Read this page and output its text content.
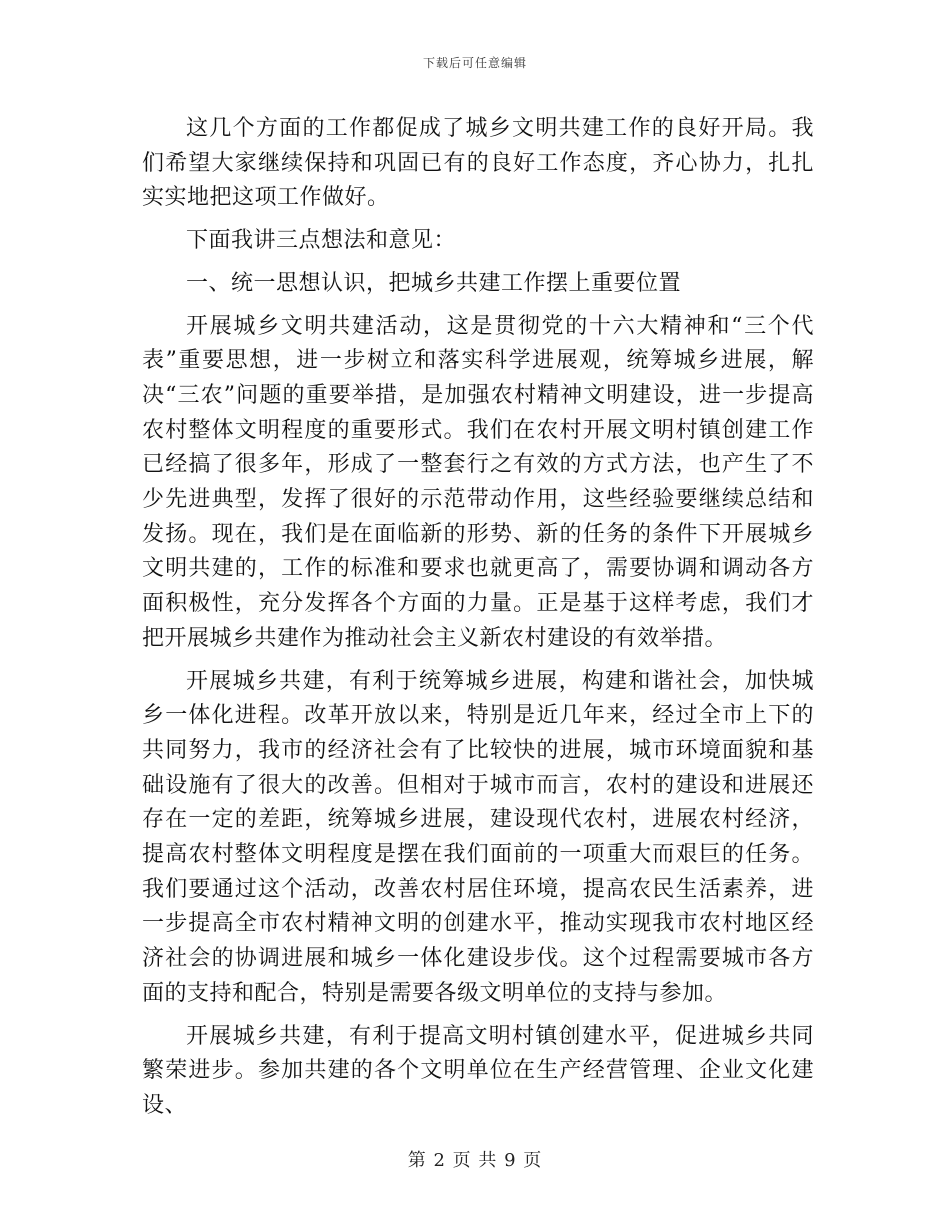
下载后可任意编辑

这几个方面的工作都促成了城乡文明共建工作的良好开局。我们希望大家继续保持和巩固已有的良好工作态度，齐心协力，扎扎实实地把这项工作做好。

下面我讲三点想法和意见：

一、统一思想认识，把城乡共建工作摆上重要位置

开展城乡文明共建活动，这是贯彻党的十六大精神和“三个代表”重要思想，进一步树立和落实科学进展观，统筹城乡进展，解决“三农”问题的重要举措，是加强农村精神文明建设，进一步提高农村整体文明程度的重要形式。我们在农村开展文明村镇创建工作已经搞了很多年，形成了一整套行之有效的方式方法，也产生了不少先进典型，发挥了很好的示范带动作用，这些经验要继续总结和发扬。现在，我们是在面临新的形势、新的任务的条件下开展城乡文明共建的，工作的标准和要求也就更高了，需要协调和调动各方面积极性，充分发挥各个方面的力量。正是基于这样考虑，我们才把开展城乡共建作为推动社会主义新农村建设的有效举措。

开展城乡共建，有利于统筹城乡进展，构建和谐社会，加快城乡一体化进程。改革开放以来，特别是近几年来，经过全市上下的共同努力，我市的经济社会有了比较快的进展，城市环境面貌和基础设施有了很大的改善。但相对于城市而言，农村的建设和进展还存在一定的差距，统筹城乡进展，建设现代农村，进展农村经济，提高农村整体文明程度是摆在我们面前的一项重大而艰巨的任务。我们要通过这个活动，改善农村居住环境，提高农民生活素养，进一步提高全市农村精神文明的创建水平，推动实现我市农村地区经济社会的协调进展和城乡一体化建设步伐。这个过程需要城市各方面的支持和配合，特别是需要各级文明单位的支持与参加。

开展城乡共建，有利于提高文明村镇创建水平，促进城乡共同繁荣进步。参加共建的各个文明单位在生产经营管理、企业文化建设、

第 2 页 共 9 页
